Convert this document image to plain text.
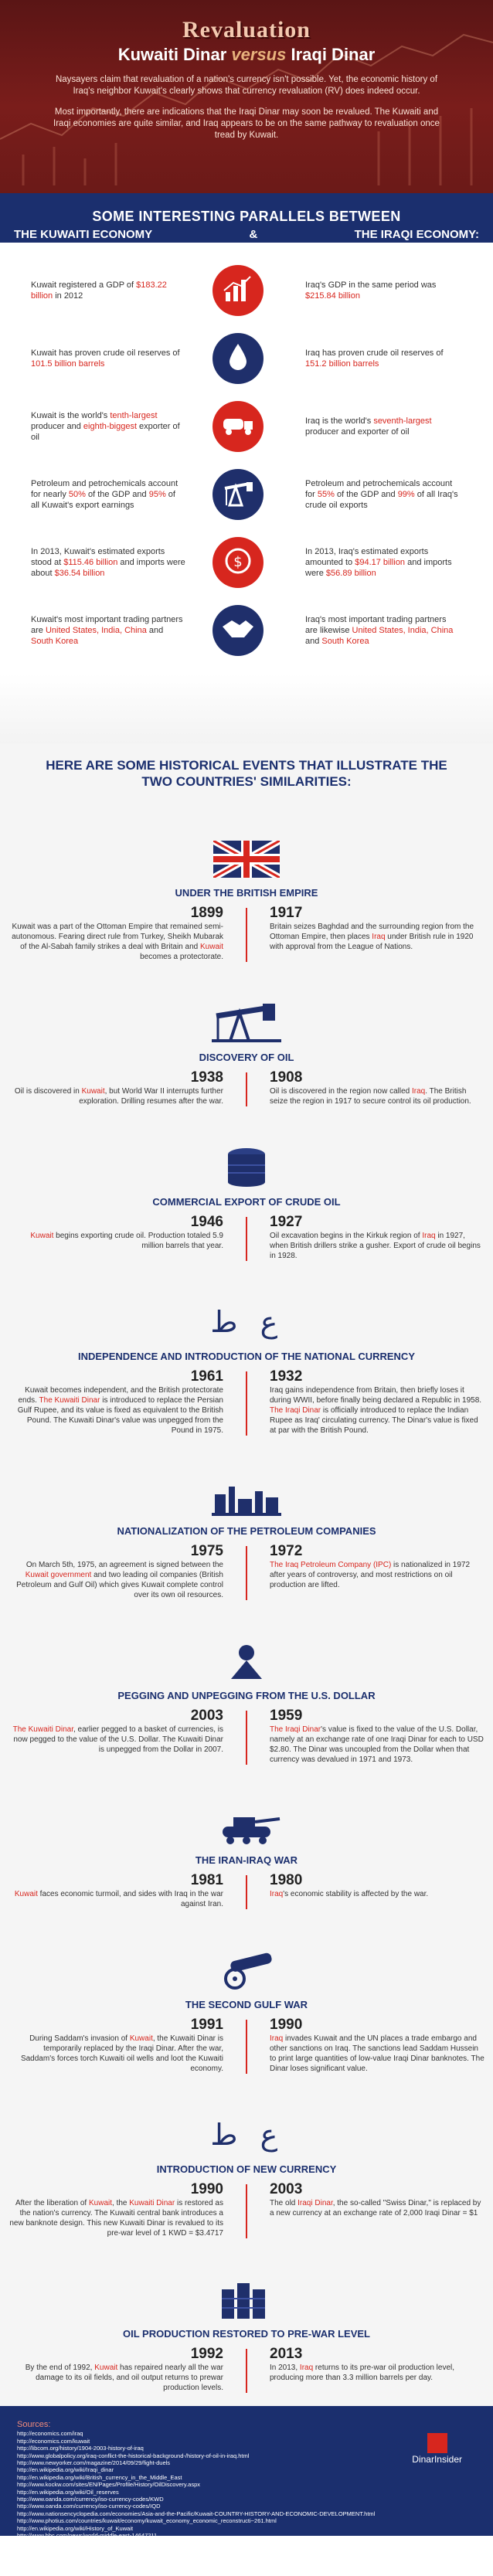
Revaluation
Kuwaiti Dinar versus Iraqi Dinar

Naysayers claim that revaluation of a nation's currency isn't possible. Yet, the economic history of Iraq's neighbor Kuwait's clearly shows that currency revaluation (RV) does indeed occur.

Most importantly, there are indications that the Iraqi Dinar may soon be revalued. The Kuwaiti and Iraqi economies are quite similar, and Iraq appears to be on the same pathway to revaluation once tread by Kuwait.

SOME INTERESTING PARALLELS BETWEEN
THE KUWAITI ECONOMY	&	THE IRAQI ECONOMY:
Kuwait registered a GDP of $183.22 billion in 2012
Iraq's GDP in the same period was $215.84 billion
Kuwait has proven crude oil reserves of 101.5 billion barrels
Iraq has proven crude oil reserves of 151.2 billion barrels
Kuwait is the world's tenth-largest producer and eighth-biggest exporter of oil
Iraq is the world's seventh-largest producer and exporter of oil
Petroleum and petrochemicals account for nearly 50% of the GDP and 95% of all Kuwait's export earnings
Petroleum and petrochemicals account for 55% of the GDP and 99% of all Iraq's crude oil exports
In 2013, Kuwait's estimated exports stood at $115.46 billion and imports were about $36.54 billion
$
In 2013, Iraq's estimated exports amounted to $94.17 billion and imports were $56.89 billion
Kuwait's most important trading partners are United States, India, China and South Korea
Iraq's most important trading partners are likewise United States, India, China and South Korea
HERE ARE SOME HISTORICAL EVENTS THAT ILLUSTRATE THE TWO COUNTRIES' SIMILARITIES:
UNDER THE BRITISH EMPIRE
1899
Kuwait was a part of the Ottoman Empire that remained semi-autonomous. Fearing direct rule from Turkey, Sheikh Mubarak of the Al-Sabah family strikes a deal with Britain and Kuwait becomes a protectorate.
1917
Britain seizes Baghdad and the surrounding region from the Ottoman Empire, then places Iraq under British rule in 1920 with approval from the League of Nations.
DISCOVERY OF OIL
1938
Oil is discovered in Kuwait, but World War II interrupts further exploration. Drilling resumes after the war.
1908
Oil is discovered in the region now called Iraq. The British seize the region in 1917 to secure control its oil production.
COMMERCIAL EXPORT OF CRUDE OIL
1946
Kuwait begins exporting crude oil. Production totaled 5.9 million barrels that year.
1927
Oil excavation begins in the Kirkuk region of Iraq in 1927, when British drillers strike a gusher. Export of crude oil begins in 1928.
ط ع
INDEPENDENCE AND INTRODUCTION OF THE NATIONAL CURRENCY
1961
Kuwait becomes independent, and the British protectorate ends. The Kuwaiti Dinar is introduced to replace the Persian Gulf Rupee, and its value is fixed as equivalent to the British Pound. The Kuwaiti Dinar's value was unpegged from the Pound in 1975.
1932
Iraq gains independence from Britain, then briefly loses it during WWII, before finally being declared a Republic in 1958. The Iraqi Dinar is officially introduced to replace the Indian Rupee as Iraq' circulating currency. The Dinar's value is fixed at par with the British Pound.
NATIONALIZATION OF THE PETROLEUM COMPANIES
1975
On March 5th, 1975, an agreement is signed between the Kuwait government and two leading oil companies (British Petroleum and Gulf Oil) which gives Kuwait complete control over its own oil resources.
1972
The Iraq Petroleum Company (IPC) is nationalized in 1972 after years of controversy, and most restrictions on oil production are lifted.
PEGGING AND UNPEGGING FROM THE U.S. DOLLAR
2003
The Kuwaiti Dinar, earlier pegged to a basket of currencies, is now pegged to the value of the U.S. Dollar. The Kuwaiti Dinar is unpegged from the Dollar in 2007.
1959
The Iraqi Dinar's value is fixed to the value of the U.S. Dollar, namely at an exchange rate of one Iraqi Dinar for each to USD $2.80. The Dinar was uncoupled from the Dollar when that currency was devalued in 1971 and 1973.
THE IRAN-IRAQ WAR
1981
Kuwait faces economic turmoil, and sides with Iraq in the war against Iran.
1980
Iraq's economic stability is affected by the war.
THE SECOND GULF WAR
1991
During Saddam's invasion of Kuwait, the Kuwaiti Dinar is temporarily replaced by the Iraqi Dinar. After the war, Saddam's forces torch Kuwaiti oil wells and loot the Kuwaiti economy.
1990
Iraq invades Kuwait and the UN places a trade embargo and other sanctions on Iraq. The sanctions lead Saddam Hussein to print large quantities of low-value Iraqi Dinar banknotes. The Dinar loses significant value.
ط ع
INTRODUCTION OF NEW CURRENCY
1990
After the liberation of Kuwait, the Kuwaiti Dinar is restored as the nation's currency. The Kuwaiti central bank introduces a new banknote design. This new Kuwaiti Dinar is revalued to its pre-war level of 1 KWD = $3.4717
2003
The old Iraqi Dinar, the so-called "Swiss Dinar," is replaced by a new currency at an exchange rate of 2,000 Iraqi Dinar = $1
OIL PRODUCTION RESTORED TO PRE-WAR LEVEL
1992
By the end of 1992, Kuwait has repaired nearly all the war damage to its oil fields, and oil output returns to prewar production levels.
2013
In 2013, Iraq returns to its pre-war oil production level, producing more than 3.3 million barrels per day.
Sources:
http://economics.com/iraq
http://economics.com/kuwait
http://libcom.org/history/1904-2003-history-of-iraq
http://www.globalpolicy.org/iraq-conflict-the-historical-background-/history-of-oil-in-iraq.html
http://www.newyorker.com/magazine/2014/09/29/fight-duels
http://en.wikipedia.org/wiki/Iraqi_dinar
http://en.wikipedia.org/wiki/British_currency_in_the_Middle_East
http://www.kockw.com/sites/EN/Pages/Profile/History/OilDiscovery.aspx
http://en.wikipedia.org/wiki/Oil_reserves
http://www.oanda.com/currency/iso-currency-codes/KWD
http://www.oanda.com/currency/iso-currency-codes/IQD
http://www.nationsencyclopedia.com/economies/Asia-and-the-Pacific/Kuwait-COUNTRY-HISTORY-AND-ECONOMIC-DEVELOPMENT.html
http://www.photius.com/countries/kuwait/economy/kuwait_economy_economic_reconstructi~261.html
http://en.wikipedia.org/wiki/History_of_Kuwait
http://www.bbc.com/news/world-middle-east-14647211
http://country-facts.findthebest.com/l/124/Kuwait
http://motherearthtravel.com/kuwait/economy.htm
http://en.wikipedia.org/wiki/Economy_of_Kuwait
http://www.bbc.com/news/world-middle-east-14546763
http://www.bbc.com/news/world-middle-east-14647211
DinarInsider
